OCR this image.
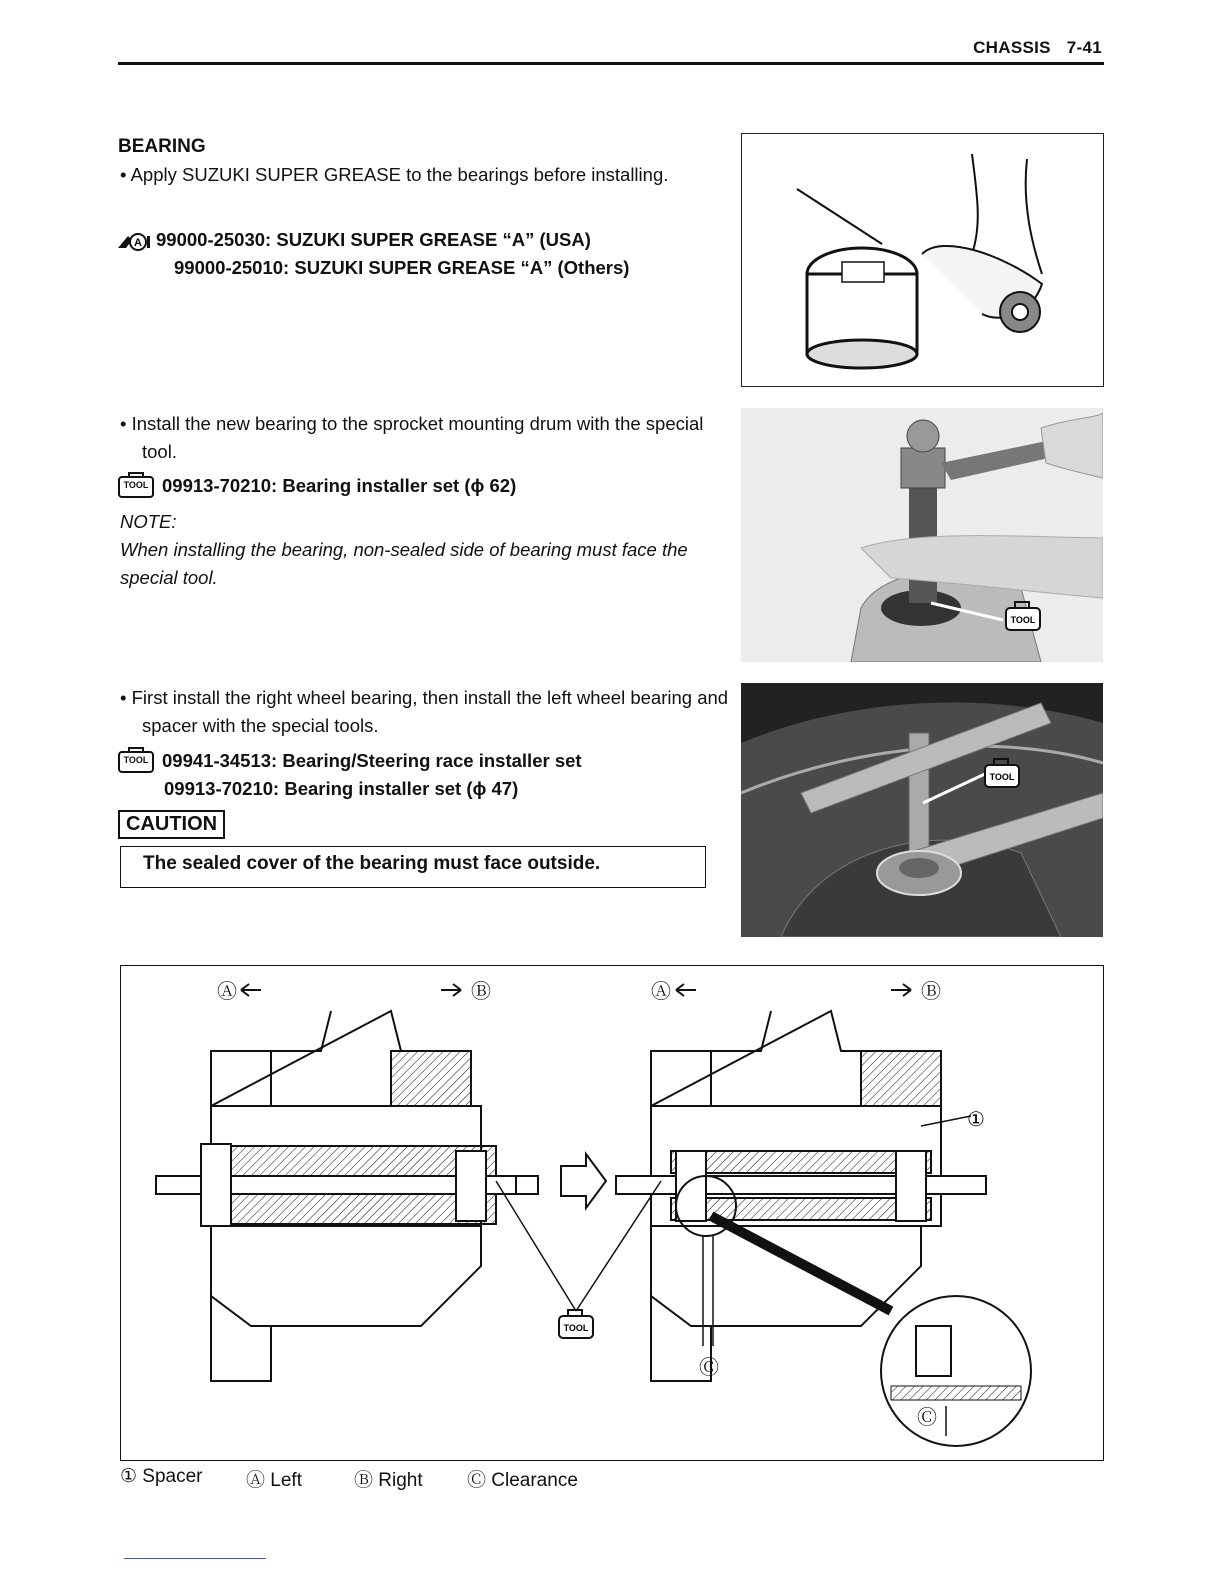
CHASSIS 7-41
BEARING
• Apply SUZUKI SUPER GREASE to the bearings before installing.
A 99000-25030: SUZUKI SUPER GREASE “A” (USA)
99000-25010: SUZUKI SUPER GREASE “A” (Others)
• Install the new bearing to the sprocket mounting drum with the special tool.
TOOL 09913-70210: Bearing installer set (ϕ 62)
NOTE:
When installing the bearing, non-sealed side of bearing must face the special tool.
TOOL
• First install the right wheel bearing, then install the left wheel bearing and spacer with the special tools.
TOOL 09941-34513: Bearing/Steering race installer set
09913-70210: Bearing installer set (ϕ 47)
CAUTION
The sealed cover of the bearing must face outside.
TOOL
Ⓐ	Ⓑ	Ⓐ	Ⓑ
TOOL
①
Ⓒ
Ⓒ
① Spacer Ⓐ Left	Ⓑ Right Ⓒ Clearance
